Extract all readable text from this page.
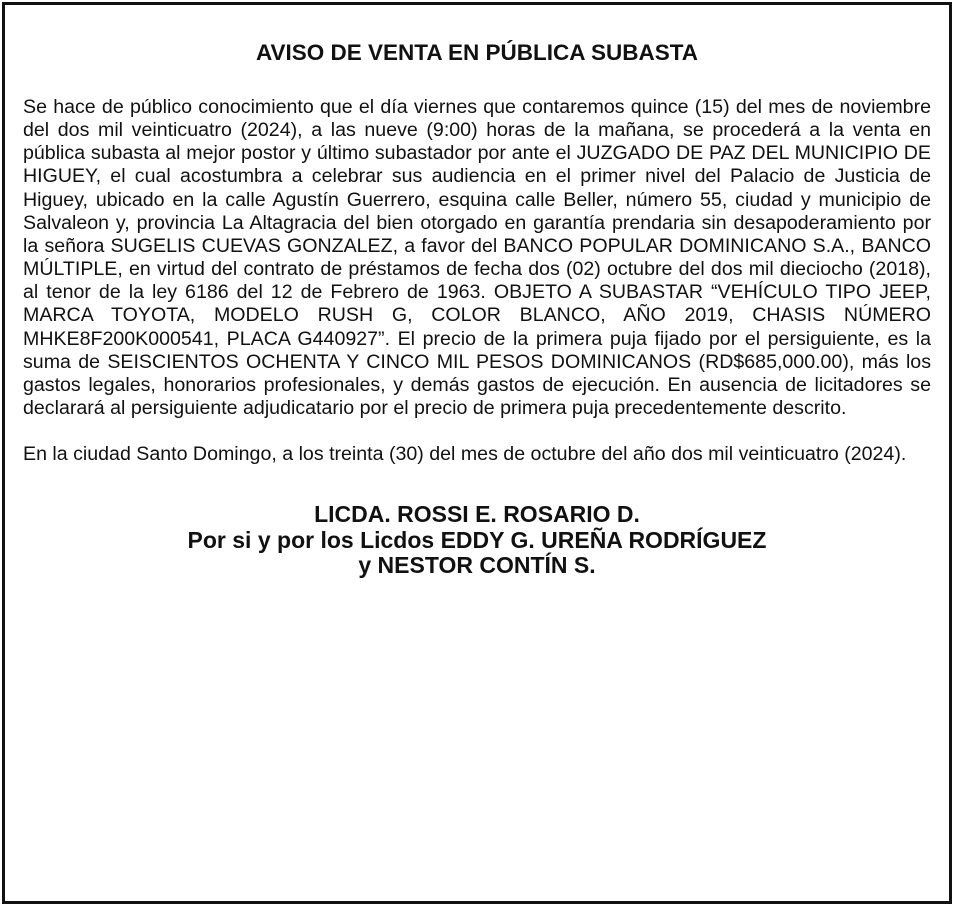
AVISO DE VENTA EN PÚBLICA SUBASTA

Se hace de público conocimiento que el día viernes que contaremos quince (15) del mes de noviembre del dos mil veinticuatro (2024), a las nueve (9:00) horas de la mañana, se procederá a la venta en pública subasta al mejor postor y último subastador por ante el JUZGADO DE PAZ DEL MUNICIPIO DE HIGUEY, el cual acostumbra a celebrar sus audiencia en el primer nivel del Palacio de Justicia de Higuey, ubicado en la calle Agustín Guerrero, esquina calle Beller, número 55, ciudad y municipio de Salvaleon y, provincia La Altagracia del bien otorgado en garantía prendaria sin desapoderamiento por la señora SUGELIS CUEVAS GONZALEZ, a favor del BANCO POPULAR DOMINICANO S.A., BANCO MÚLTIPLE, en virtud del contrato de préstamos de fecha dos (02) octubre del dos mil dieciocho (2018), al tenor de la ley 6186 del 12 de Febrero de 1963. OBJETO A SUBASTAR “VEHÍCULO TIPO JEEP, MARCA TOYOTA, MODELO RUSH G, COLOR BLANCO, AÑO 2019, CHASIS NÚMERO MHKE8F200K000541, PLACA G440927”. El precio de la primera puja fijado por el persiguiente, es la suma de SEISCIENTOS OCHENTA Y CINCO MIL PESOS DOMINICANOS (RD$685,000.00), más los gastos legales, honorarios profesionales, y demás gastos de ejecución. En ausencia de licitadores se declarará al persiguiente adjudicatario por el precio de primera puja precedentemente descrito.

En la ciudad Santo Domingo, a los treinta (30) del mes de octubre del año dos mil veinticuatro (2024).

LICDA. ROSSI E. ROSARIO D.
Por si y por los Licdos EDDY G. UREÑA RODRÍGUEZ
y NESTOR CONTÍN S.
